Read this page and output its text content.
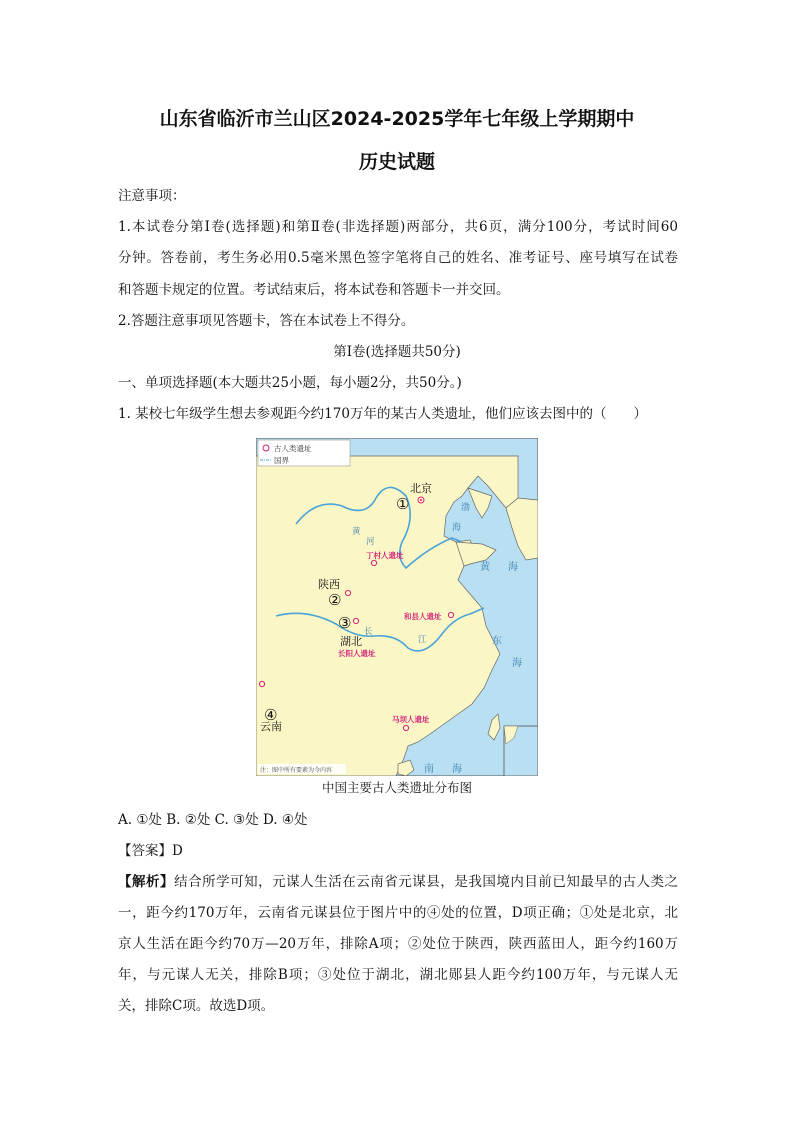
山东省临沂市兰山区2024-2025学年七年级上学期期中
历史试题
注意事项：
1.本试卷分第Ⅰ卷(选择题)和第Ⅱ卷(非选择题)两部分，共6页，满分100分，考试时间60
分钟。答卷前，考生务必用0.5毫米黑色签字笔将自己的姓名、准考证号、座号填写在试卷
和答题卡规定的位置。考试结束后，将本试卷和答题卡一并交回。
2.答题注意事项见答题卡，答在本试卷上不得分。
第Ⅰ卷(选择题共50分)
一、单项选择题(本大题共25小题，每小题2分，共50分。)
1. 某校七年级学生想去参观距今约170万年的某古人类遗址，他们应该去图中的（　　）
古人类遗址
国界
①
北京
陕西
②
③
湖北
④
云南
丁村人遗址
和县人遗址
长阳人遗址
马坝人遗址
渤
海
黄 海
东
海
南 海
黄
河
长
江
注：图中所有要素为今内容
中国主要古人类遗址分布图
A. ①处 B. ②处 C. ③处 D. ④处
【答案】D
【解析】结合所学可知，元谋人生活在云南省元谋县，是我国境内目前已知最早的古人类之
一，距今约170万年，云南省元谋县位于图片中的④处的位置，D项正确；①处是北京，北
京人生活在距今约70万—20万年，排除A项；②处位于陕西，陕西蓝田人，距今约160万
年，与元谋人无关，排除B项；③处位于湖北，湖北郧县人距今约100万年，与元谋人无
关，排除C项。故选D项。
